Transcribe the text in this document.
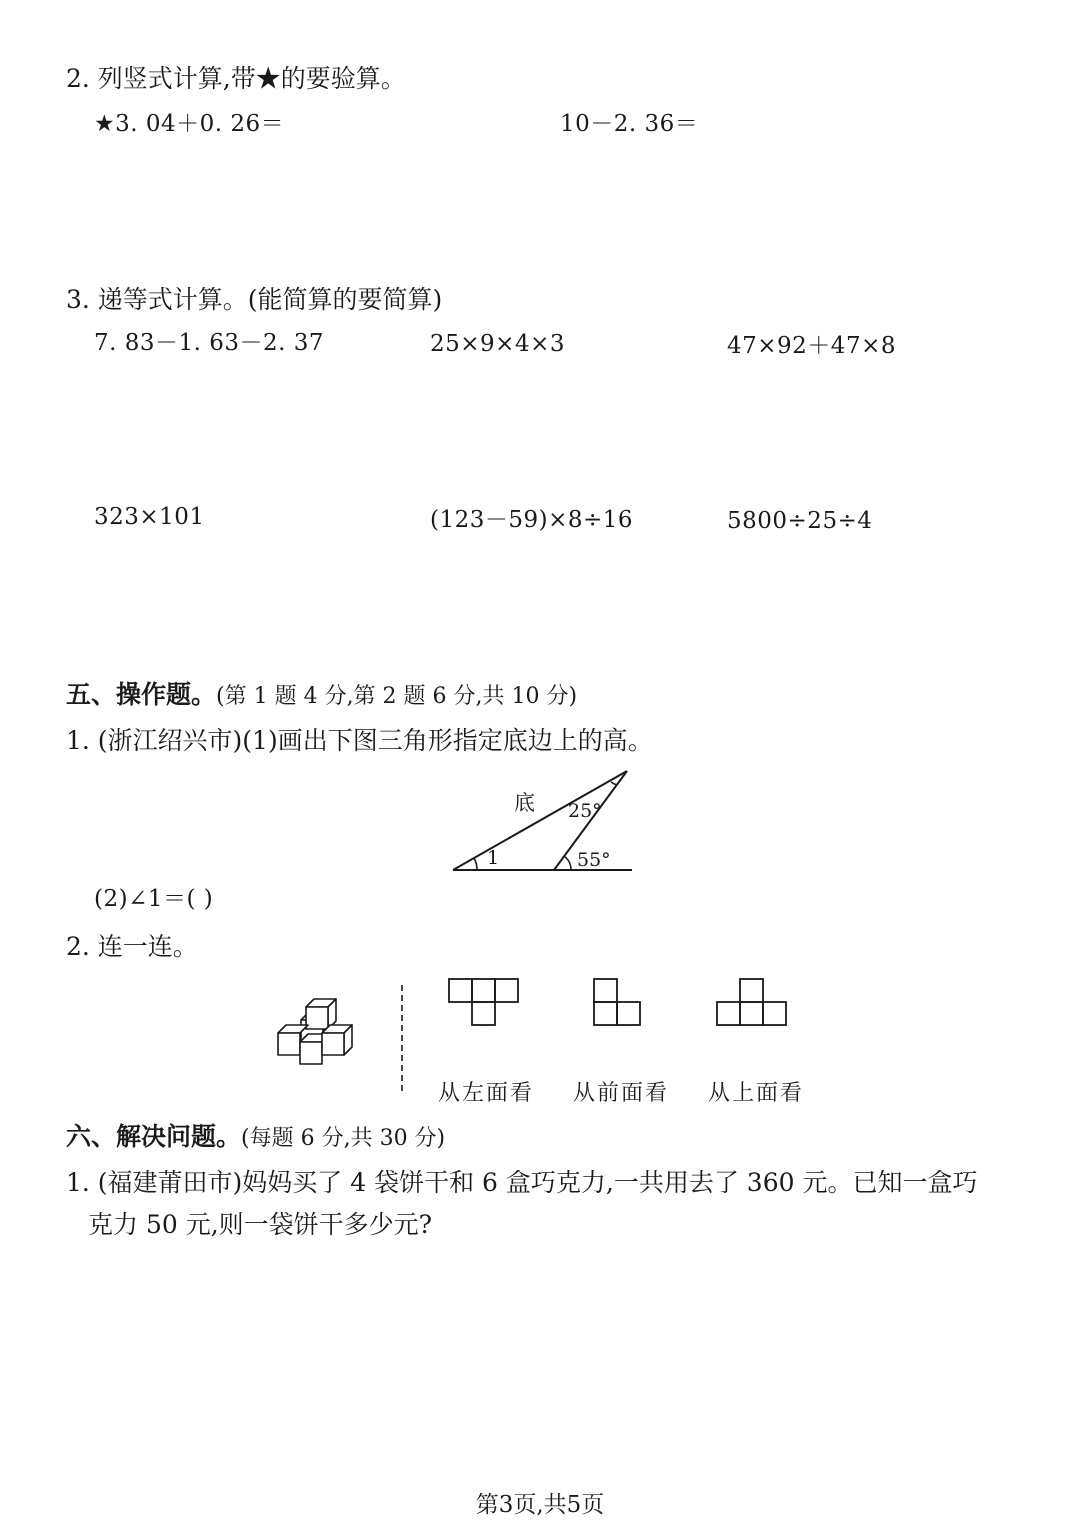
2. 列竖式计算,带★的要验算。
★3. 04＋0. 26＝	10－2. 36＝
3. 递等式计算。(能简算的要简算)
7. 83－1. 63－2. 37	25×9×4×3	47×92＋47×8
323×101	(123－59)×8÷16	5800÷25÷4
五、操作题。(第 1 题 4 分,第 2 题 6 分,共 10 分)
1. (浙江绍兴市)(1)画出下图三角形指定底边上的高。
底 25°
55°
1
(2)∠1＝( )
2. 连一连。
从左面看 从前面看 从上面看
六、解决问题。(每题 6 分,共 30 分)
1. (福建莆田市)妈妈买了 4 袋饼干和 6 盒巧克力,一共用去了 360 元。已知一盒巧
克力 50 元,则一袋饼干多少元?
第3页,共5页
